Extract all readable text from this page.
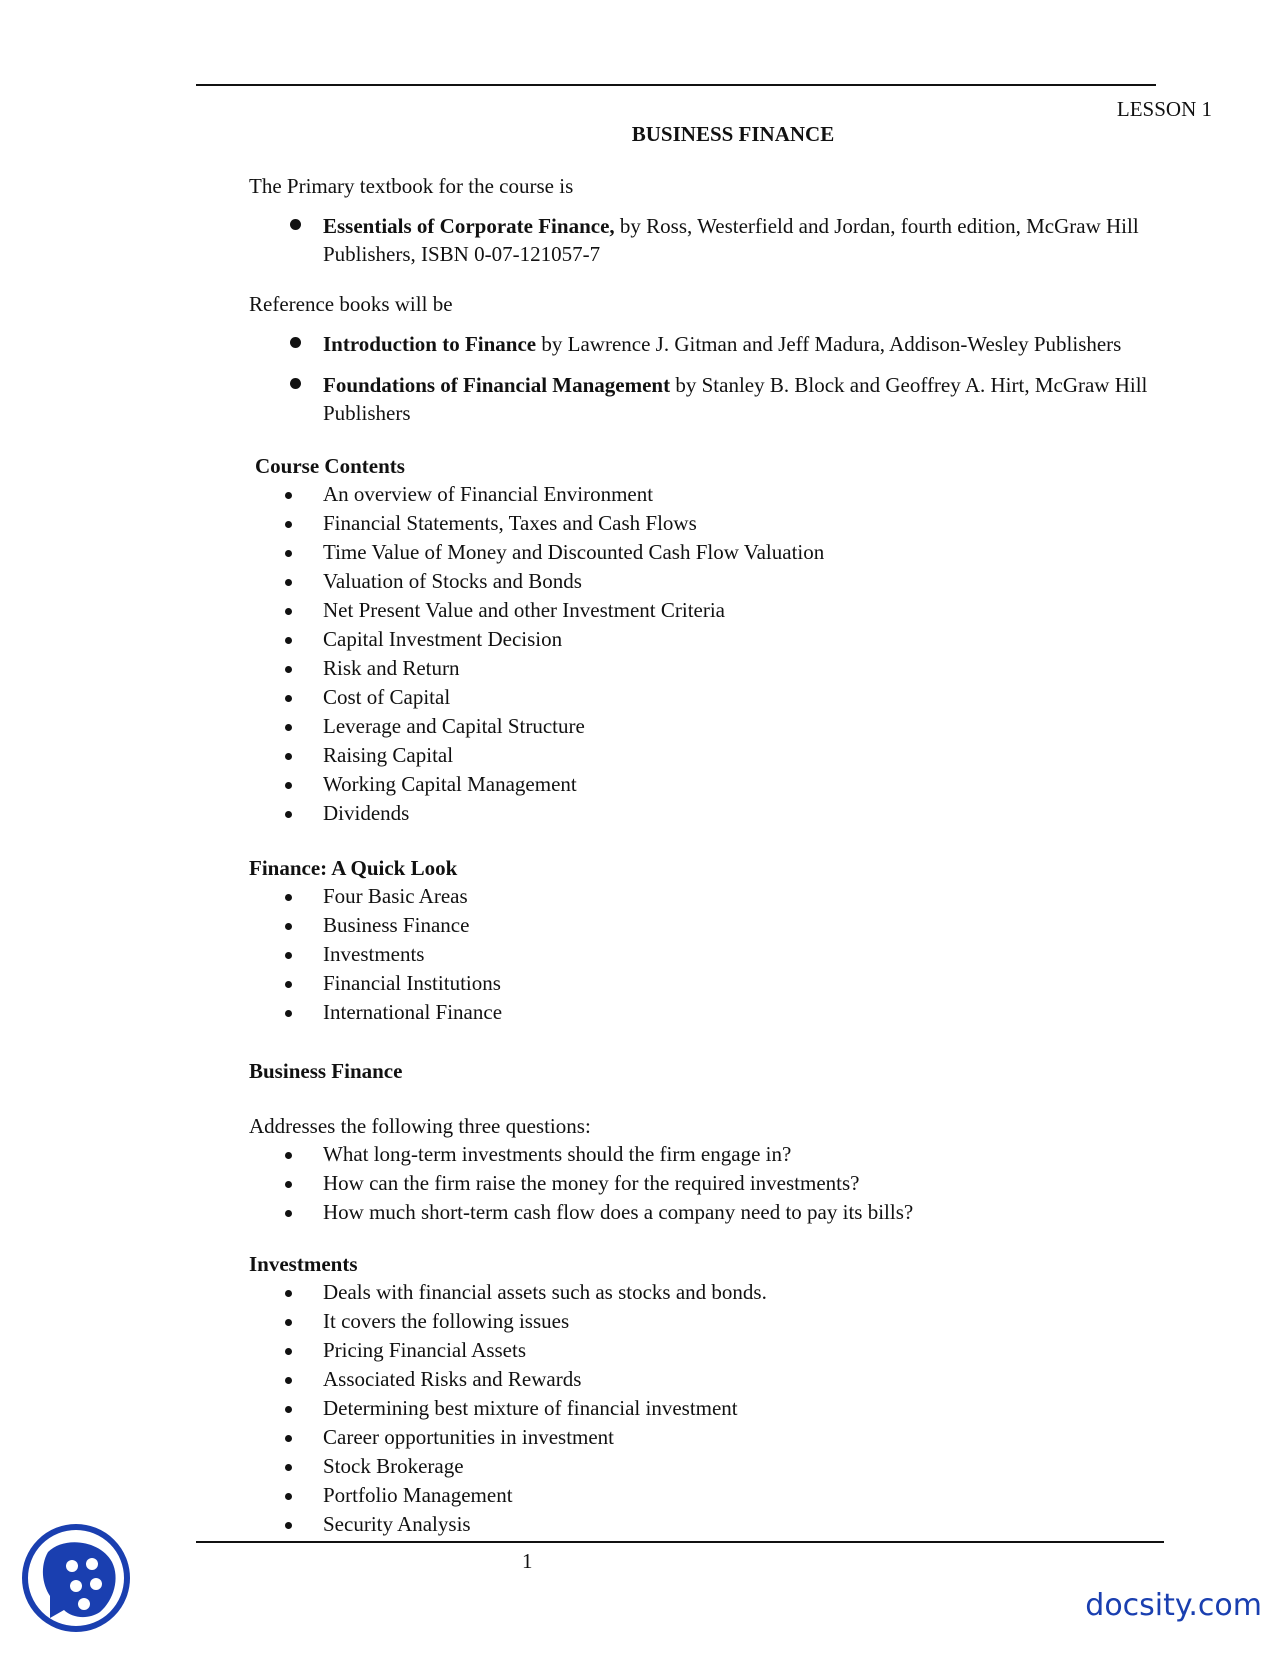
LESSON 1
BUSINESS FINANCE
The Primary textbook for the course is
Essentials of Corporate Finance, by Ross, Westerfield and Jordan, fourth edition, McGraw Hill
Publishers, ISBN 0-07-121057-7
Reference books will be
Introduction to Finance by Lawrence J. Gitman and Jeff Madura, Addison-Wesley Publishers
Foundations of Financial Management by Stanley B. Block and Geoffrey A. Hirt, McGraw Hill
Publishers
Course Contents
An overview of Financial Environment
Financial Statements, Taxes and Cash Flows
Time Value of Money and Discounted Cash Flow Valuation
Valuation of Stocks and Bonds
Net Present Value and other Investment Criteria
Capital Investment Decision
Risk and Return
Cost of Capital
Leverage and Capital Structure
Raising Capital
Working Capital Management
Dividends
Finance: A Quick Look
Four Basic Areas
Business Finance
Investments
Financial Institutions
International Finance
Business Finance
Addresses the following three questions:
What long-term investments should the firm engage in?
How can the firm raise the money for the required investments?
How much short-term cash flow does a company need to pay its bills?
Investments
Deals with financial assets such as stocks and bonds.
It covers the following issues
Pricing Financial Assets
Associated Risks and Rewards
Determining best mixture of financial investment
Career opportunities in investment
Stock Brokerage
Portfolio Management
Security Analysis
1
docsity.com
